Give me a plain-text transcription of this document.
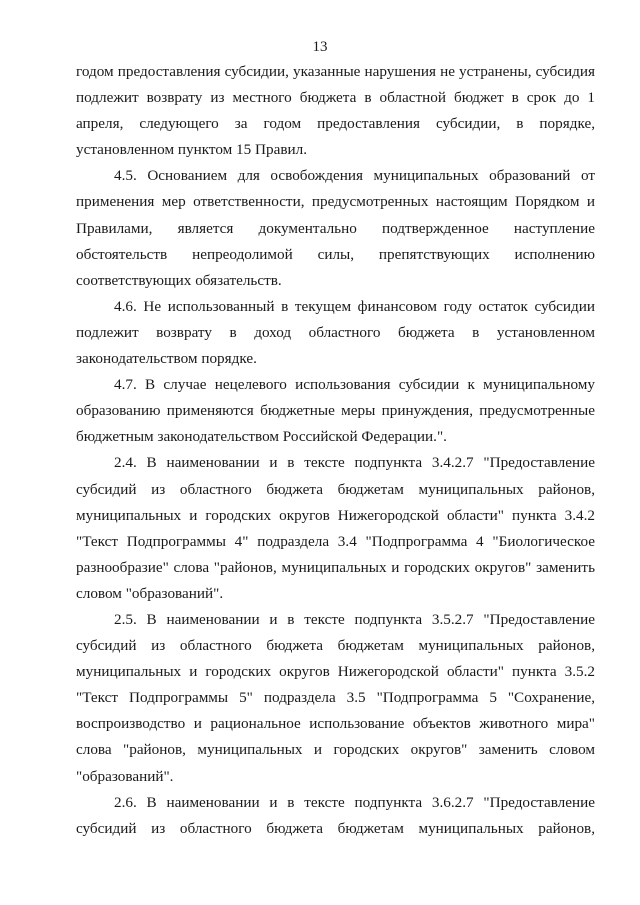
13

годом предоставления субсидии, указанные нарушения не устранены, субсидия подлежит возврату из местного бюджета в областной бюджет в срок до 1 апреля, следующего за годом предоставления субсидии, в порядке, установленном пунктом 15 Правил.

4.5. Основанием для освобождения муниципальных образований от применения мер ответственности, предусмотренных настоящим Порядком и Правилами, является документально подтвержденное наступление обстоятельств непреодолимой силы, препятствующих исполнению соответствующих обязательств.

4.6. Не использованный в текущем финансовом году остаток субсидии подлежит возврату в доход областного бюджета в установленном законодательством порядке.

4.7. В случае нецелевого использования субсидии к муниципальному образованию применяются бюджетные меры принуждения, предусмотренные бюджетным законодательством Российской Федерации.".

2.4. В наименовании и в тексте подпункта 3.4.2.7 "Предоставление субсидий из областного бюджета бюджетам муниципальных районов, муниципальных и городских округов Нижегородской области" пункта 3.4.2 "Текст Подпрограммы 4" подраздела 3.4 "Подпрограмма 4 "Биологическое разнообразие" слова "районов, муниципальных и городских округов" заменить словом "образований".

2.5. В наименовании и в тексте подпункта 3.5.2.7 "Предоставление субсидий из областного бюджета бюджетам муниципальных районов, муниципальных и городских округов Нижегородской области" пункта 3.5.2 "Текст Подпрограммы 5" подраздела 3.5 "Подпрограмма 5 "Сохранение, воспроизводство и рациональное использование объектов животного мира" слова "районов, муниципальных и городских округов" заменить словом "образований".

2.6. В наименовании и в тексте подпункта 3.6.2.7 "Предоставление субсидий из областного бюджета бюджетам муниципальных районов,
